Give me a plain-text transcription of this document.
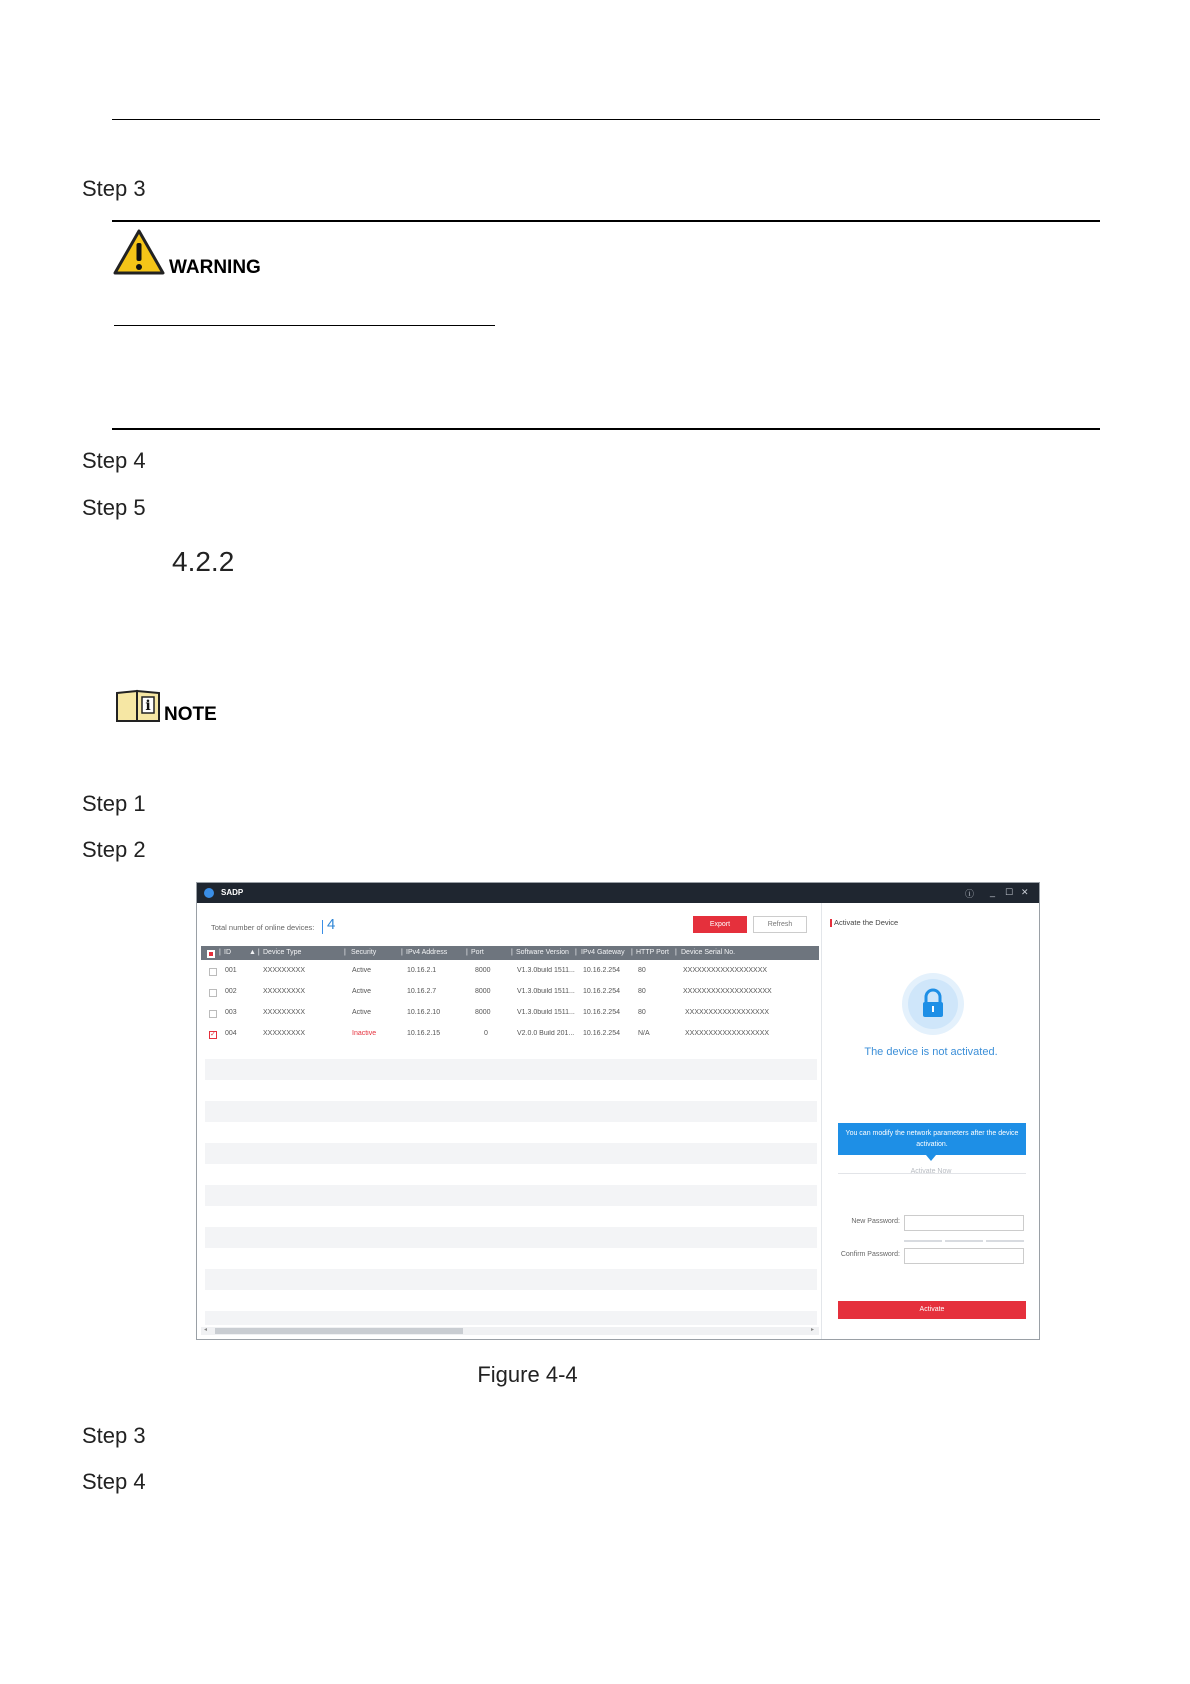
Step 3
WARNING
Step 4
Step 5
4.2.2
i NOTE
Step 1
Step 2
SADP	ⓘ _ ☐ ✕
Total number of online devices: 4	Export	Refresh
| ID	▲ | Device Type	| Security	| IPv4 Address	| Port	| Software Version | IPv4 Gateway | HTTP Port | Device Serial No.
001	XXXXXXXXX	Active	10.16.2.1	8000	V1.3.0build 1511...	10.16.2.254	80	XXXXXXXXXXXXXXXXXX
002	XXXXXXXXX	Active	10.16.2.7	8000	V1.3.0build 1511...	10.16.2.254	80	XXXXXXXXXXXXXXXXXXX
003	XXXXXXXXX	Active	10.16.2.10	8000	V1.3.0build 1511...	10.16.2.254	80	XXXXXXXXXXXXXXXXXX
✓ 004	XXXXXXXXX	Inactive	10.16.2.15	0	V2.0.0 Build 201...	10.16.2.254	N/A	XXXXXXXXXXXXXXXXXX
◂	▸
Activate the Device
The device is not activated.
You can modify the network parameters after the device activation.
Activate Now
New Password:
Confirm Password:
Activate
Figure 4-4
Step 3
Step 4
